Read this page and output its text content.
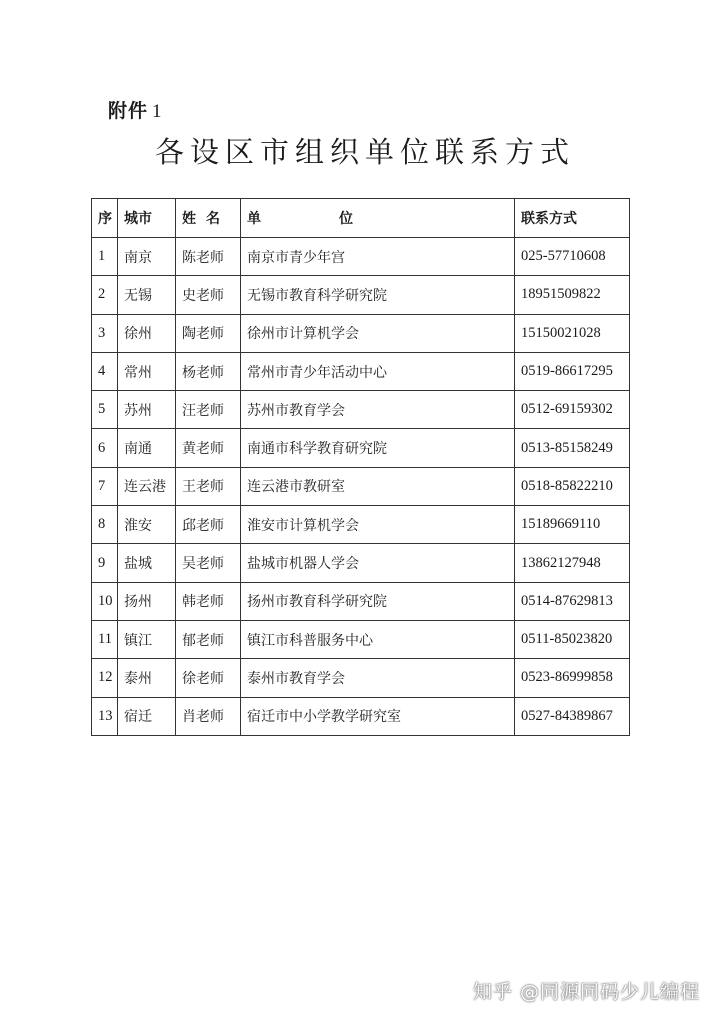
附件 1
各设区市组织单位联系方式
序	城市	姓名	单 位	联系方式
1	南京	陈老师	南京市青少年宫	025-57710608
2	无锡	史老师	无锡市教育科学研究院	18951509822
3	徐州	陶老师	徐州市计算机学会	15150021028
4	常州	杨老师	常州市青少年活动中心	0519-86617295
5	苏州	汪老师	苏州市教育学会	0512-69159302
6	南通	黄老师	南通市科学教育研究院	0513-85158249
7	连云港	王老师	连云港市教研室	0518-85822210
8	淮安	邱老师	淮安市计算机学会	15189669110
9	盐城	吴老师	盐城市机器人学会	13862127948
10	扬州	韩老师	扬州市教育科学研究院	0514-87629813
11	镇江	郁老师	镇江市科普服务中心	0511-85023820
12	泰州	徐老师	泰州市教育学会	0523-86999858
13	宿迁	肖老师	宿迁市中小学教学研究室	0527-84389867
知乎 @同源同码少儿编程
